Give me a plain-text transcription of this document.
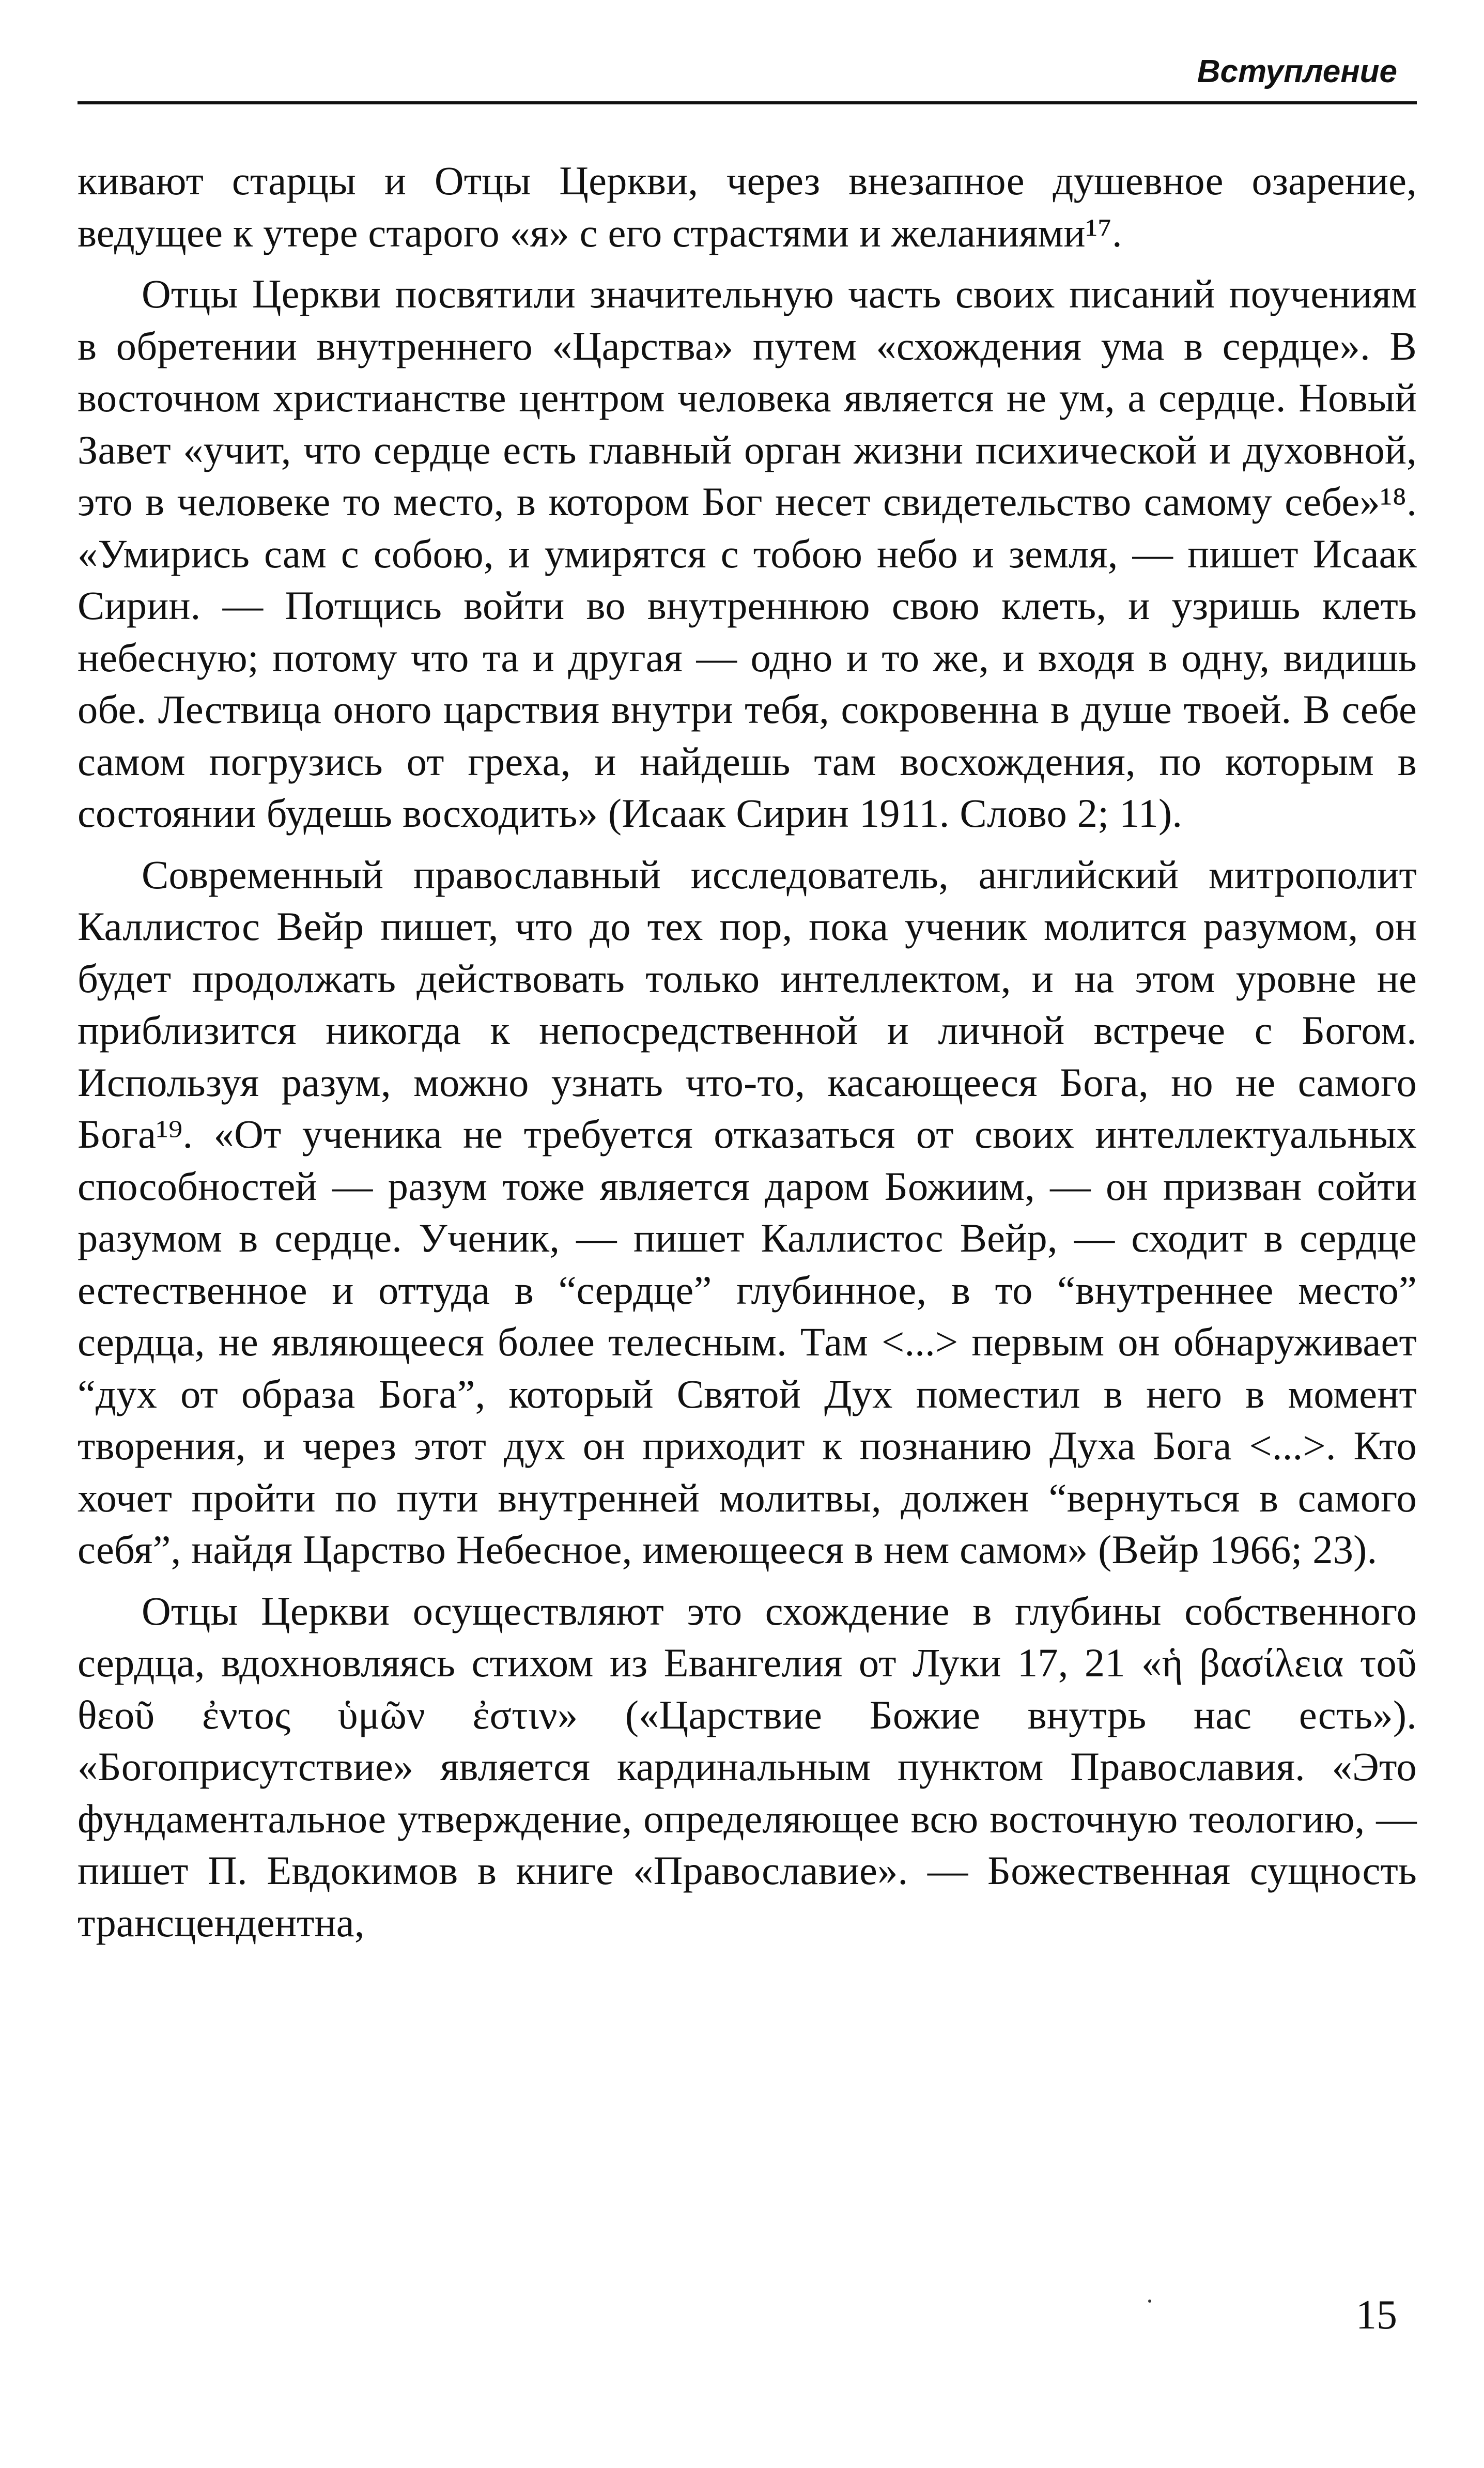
Вступление

кивают старцы и Отцы Церкви, через внезапное душевное озарение, ведущее к утере старого «я» с его страстями и желаниями¹⁷.

Отцы Церкви посвятили значительную часть своих писаний поучениям в обретении внутреннего «Царства» путем «схождения ума в сердце». В восточном христианстве центром человека является не ум, а сердце. Новый Завет «учит, что сердце есть главный орган жизни психической и духовной, это в человеке то место, в котором Бог несет свидетельство самому себе»¹⁸. «Умирись сам с собою, и умирятся с тобою небо и земля, — пишет Исаак Сирин. — Потщись войти во внутреннюю свою клеть, и узришь клеть небесную; потому что та и другая — одно и то же, и входя в одну, видишь обе. Лествица оного царствия внутри тебя, сокровенна в душе твоей. В себе самом погрузись от греха, и найдешь там восхождения, по которым в состоянии будешь восходить» (Исаак Сирин 1911. Слово 2; 11).

Современный православный исследователь, английский митрополит Каллистос Вейр пишет, что до тех пор, пока ученик молится разумом, он будет продолжать действовать только интеллектом, и на этом уровне не приблизится никогда к непосредственной и личной встрече с Богом. Используя разум, можно узнать что-то, касающееся Бога, но не самого Бога¹⁹. «От ученика не требуется отказаться от своих интеллектуальных способностей — разум тоже является даром Божиим, — он призван сойти разумом в сердце. Ученик, — пишет Каллистос Вейр, — сходит в сердце естественное и оттуда в “сердце” глубинное, в то “внутреннее место” сердца, не являющееся более телесным. Там <...> первым он обнаруживает “дух от образа Бога”, который Святой Дух поместил в него в момент творения, и через этот дух он приходит к познанию Духа Бога <...>. Кто хочет пройти по пути внутренней молитвы, должен “вернуться в самого себя”, найдя Царство Небесное, имеющееся в нем самом» (Вейр 1966; 23).

Отцы Церкви осуществляют это схождение в глубины собственного сердца, вдохновляясь стихом из Евангелия от Луки 17, 21 «ἡ βασίλεια τοῦ θεοῦ ἐντος ὑμῶν ἐστιν» («Царствие Божие внутрь нас есть»). «Богоприсутствие» является кардинальным пунктом Православия. «Это фундаментальное утверждение, определяющее всю восточную теологию, — пишет П. Евдокимов в книге «Православие». — Божественная сущность трансцендентна,

15
